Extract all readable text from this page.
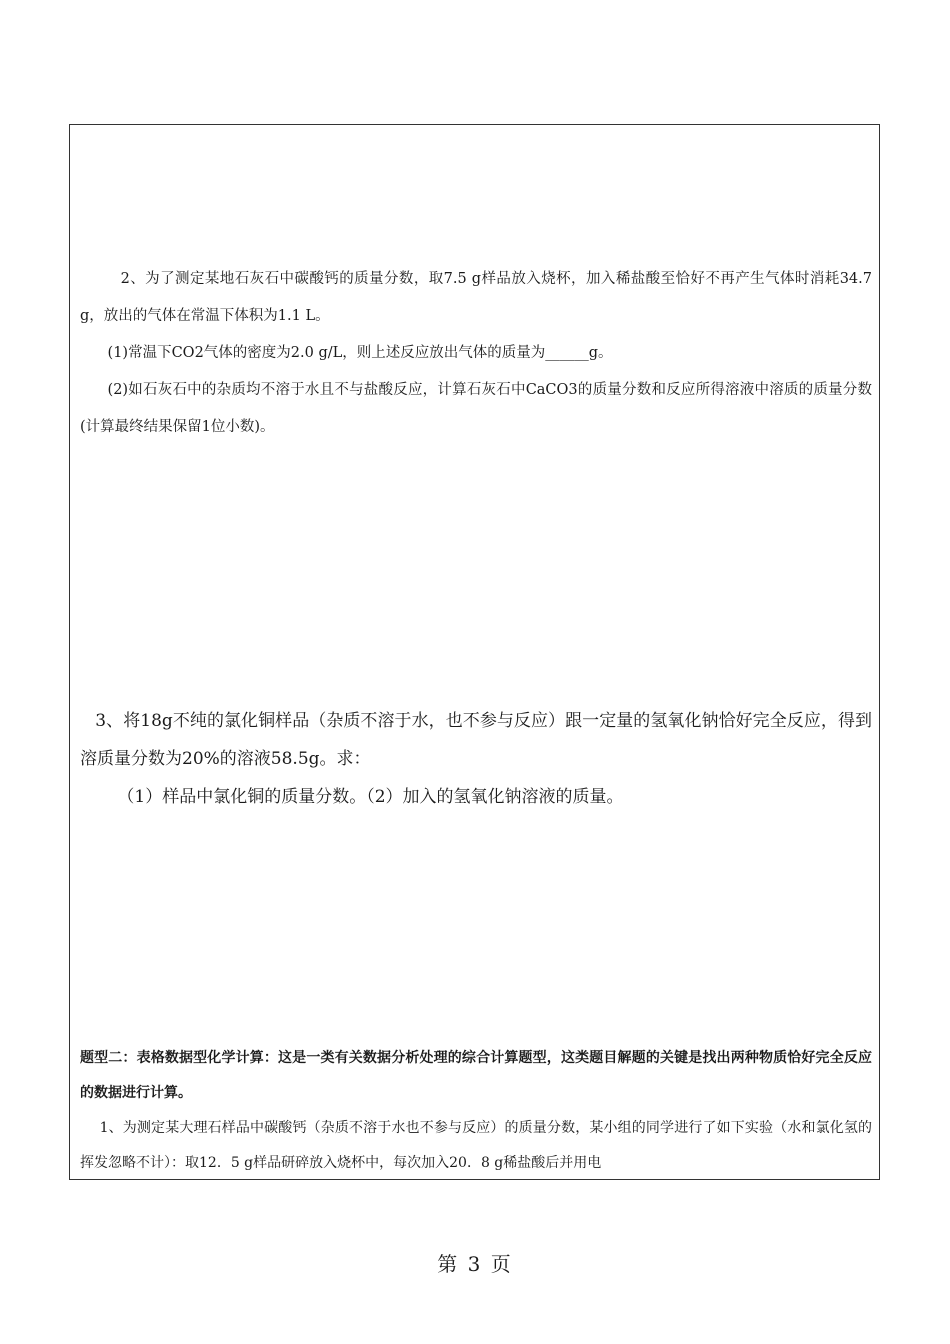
2、为了测定某地石灰石中碳酸钙的质量分数，取7.5 g样品放入烧杯，加入稀盐酸至恰好不再产生气体时消耗34.7 g，放出的气体在常温下体积为1.1 L。

(1)常温下CO2气体的密度为2.0 g/L，则上述反应放出气体的质量为______g。

(2)如石灰石中的杂质均不溶于水且不与盐酸反应，计算石灰石中CaCO3的质量分数和反应所得溶液中溶质的质量分数(计算最终结果保留1位小数)。

3、将18g不纯的氯化铜样品（杂质不溶于水，也不参与反应）跟一定量的氢氧化钠恰好完全反应，得到溶质量分数为20%的溶液58.5g。求：

（1）样品中氯化铜的质量分数。（2）加入的氢氧化钠溶液的质量。

题型二：表格数据型化学计算：这是一类有关数据分析处理的综合计算题型，这类题目解题的关键是找出两种物质恰好完全反应的数据进行计算。

1、为测定某大理石样品中碳酸钙（杂质不溶于水也不参与反应）的质量分数，某小组的同学进行了如下实验（水和氯化氢的挥发忽略不计）：取12．5 g样品研碎放入烧杯中，每次加入20．8 g稀盐酸后并用电

第 3 页
